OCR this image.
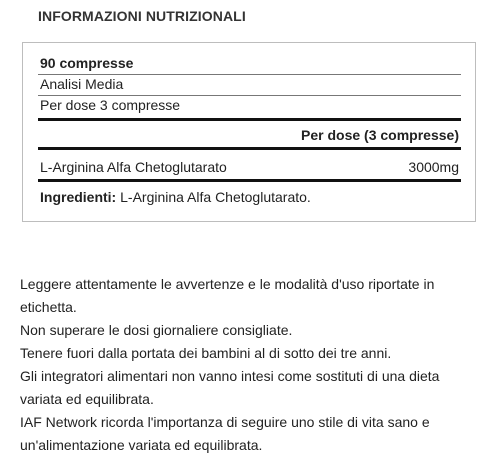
INFORMAZIONI NUTRIZIONALI
90 compresse
Analisi Media
Per dose 3 compresse
Per dose (3 compresse)
L-Arginina Alfa Chetoglutarato	3000mg
Ingredienti: L-Arginina Alfa Chetoglutarato.
Leggere attentamente le avvertenze e le modalità d'uso riportate in
etichetta.
Non superare le dosi giornaliere consigliate.
Tenere fuori dalla portata dei bambini al di sotto dei tre anni.
Gli integratori alimentari non vanno intesi come sostituti di una dieta
variata ed equilibrata.
IAF Network ricorda l'importanza di seguire uno stile di vita sano e
un'alimentazione variata ed equilibrata.
